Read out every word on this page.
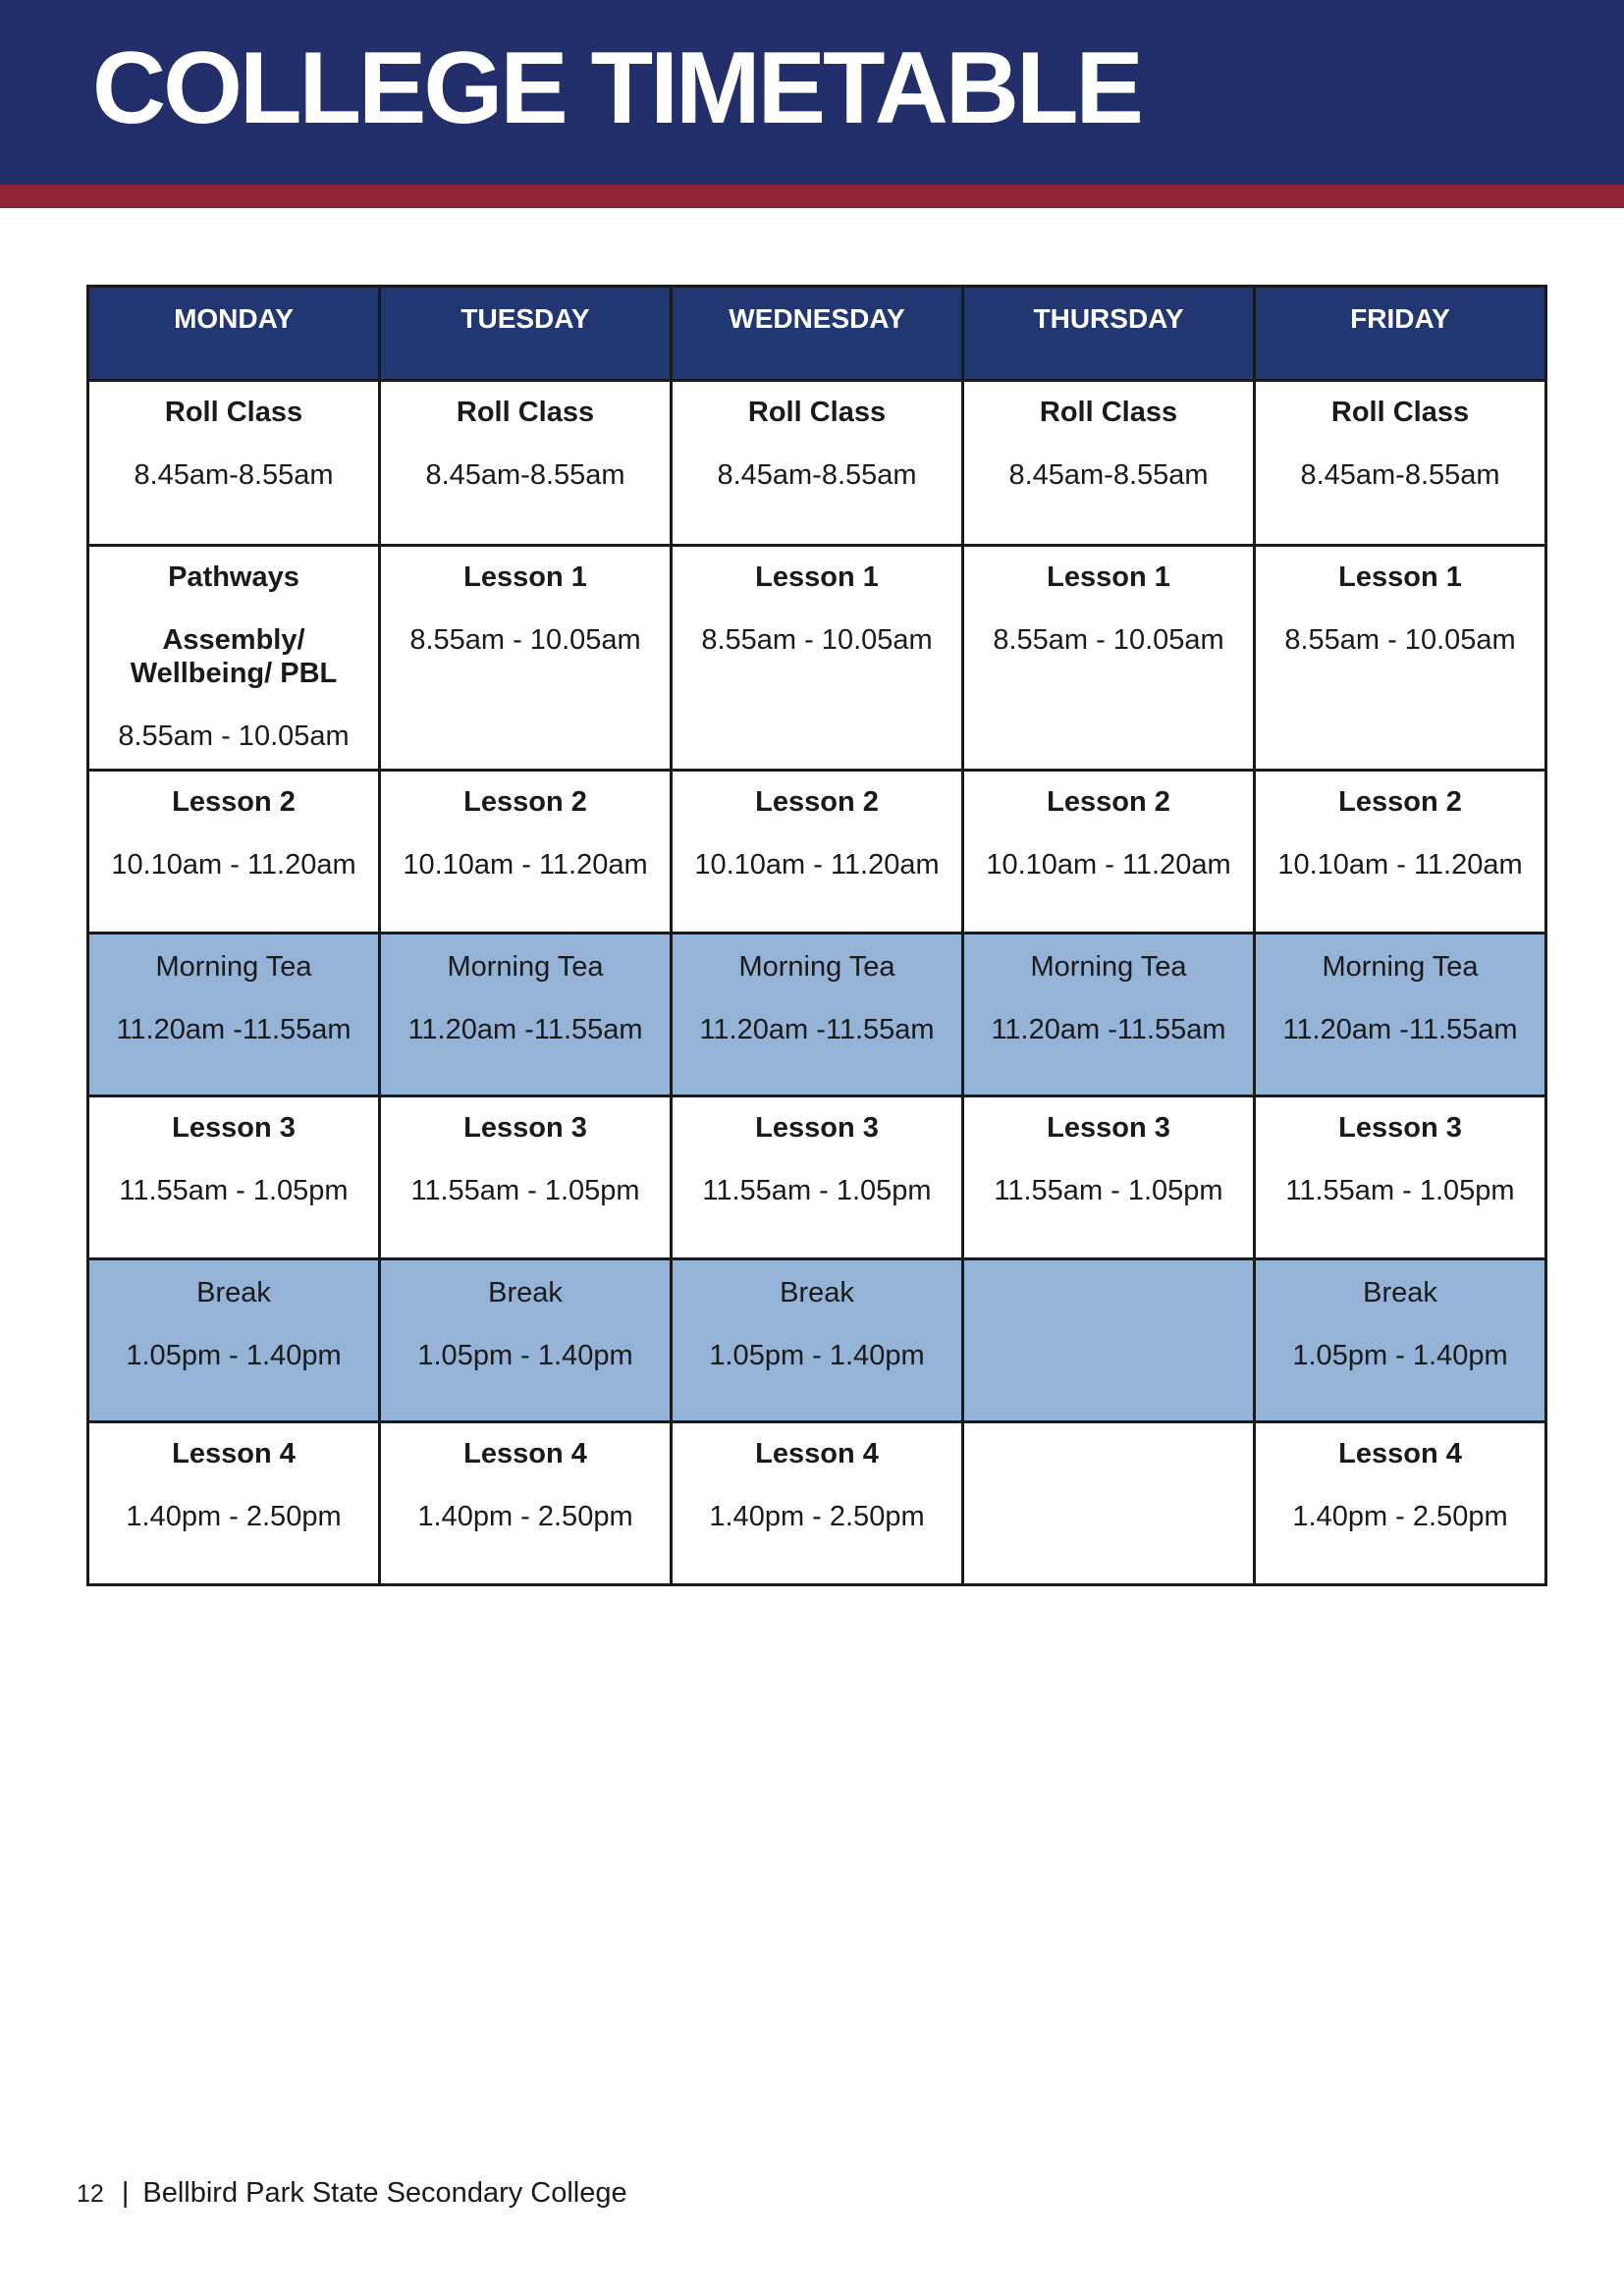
COLLEGE TIMETABLE
MONDAY	TUESDAY	WEDNESDAY	THURSDAY	FRIDAY

Roll Class
8.45am-8.55am	Roll Class
8.45am-8.55am	Roll Class
8.45am-8.55am	Roll Class
8.45am-8.55am	Roll Class
8.45am-8.55am

Pathways
Assembly/ Wellbeing/ PBL
8.55am - 10.05am	Lesson 1
8.55am - 10.05am	Lesson 1
8.55am - 10.05am	Lesson 1
8.55am - 10.05am	Lesson 1
8.55am - 10.05am

Lesson 2
10.10am - 11.20am	Lesson 2
10.10am - 11.20am	Lesson 2
10.10am - 11.20am	Lesson 2
10.10am - 11.20am	Lesson 2
10.10am - 11.20am

Morning Tea
11.20am -11.55am	Morning Tea
11.20am -11.55am	Morning Tea
11.20am -11.55am	Morning Tea
11.20am -11.55am	Morning Tea
11.20am -11.55am

Lesson 3
11.55am - 1.05pm	Lesson 3
11.55am - 1.05pm	Lesson 3
11.55am - 1.05pm	Lesson 3
11.55am - 1.05pm	Lesson 3
11.55am - 1.05pm

Break
1.05pm - 1.40pm	Break
1.05pm - 1.40pm	Break
1.05pm - 1.40pm		Break
1.05pm - 1.40pm

Lesson 4
1.40pm - 2.50pm	Lesson 4
1.40pm - 2.50pm	Lesson 4
1.40pm - 2.50pm		Lesson 4
1.40pm - 2.50pm
12 | Bellbird Park State Secondary College
